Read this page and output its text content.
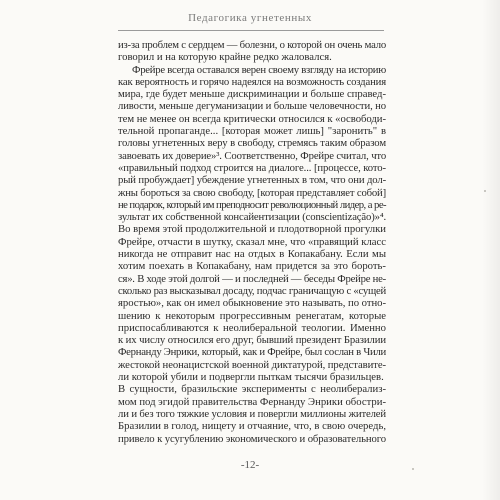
Педагогика угнетенных
из-за проблем с сердцем — болезни, о которой он очень мало
говорил и на которую крайне редко жаловался.
Фрейре всегда оставался верен своему взгляду на историю
как вероятность и горячо надеялся на возможность создания
мира, где будет меньше дискриминации и больше справед-
ливости, меньше дегуманизации и больше человечности, но
тем не менее он всегда критически относился к «освободи-
тельной пропаганде... [которая может лишь] "заронить" в
головы угнетенных веру в свободу, стремясь таким образом
завоевать их доверие»³. Соответственно, Фрейре считал, что
«правильный подход строится на диалоге... [процессе, кото-
рый пробуждает] убеждение угнетенных в том, что они дол-
жны бороться за свою свободу, [которая представляет собой]
не подарок, который им преподносит революционный лидер, а ре-
зультат их собственной консайентизации (conscientização)»⁴.
Во время этой продолжительной и плодотворной прогулки
Фрейре, отчасти в шутку, сказал мне, что «правящий класс
никогда не отправит нас на отдых в Копакабану. Если мы
хотим поехать в Копакабану, нам придется за это бороть-
ся». В ходе этой долгой — и последней — беседы Фрейре не-
сколько раз высказывал досаду, подчас граничащую с «сущей
яростью», как он имел обыкновение это называть, по отно-
шению к некоторым прогрессивным ренегатам, которые
приспосабливаются к неолиберальной теологии. Именно
к их числу относился его друг, бывший президент Бразилии
Фернанду Энрики, который, как и Фрейре, был сослан в Чили
жестокой неонацистской военной диктатурой, представите-
ли которой убили и подвергли пыткам тысячи бразильцев.
В сущности, бразильские эксперименты с неолиберализ-
мом под эгидой правительства Фернанду Энрики обостри-
ли и без того тяжкие условия и повергли миллионы жителей
Бразилии в голод, нищету и отчаяние, что, в свою очередь,
привело к усугублению экономического и образовательного
-12-
